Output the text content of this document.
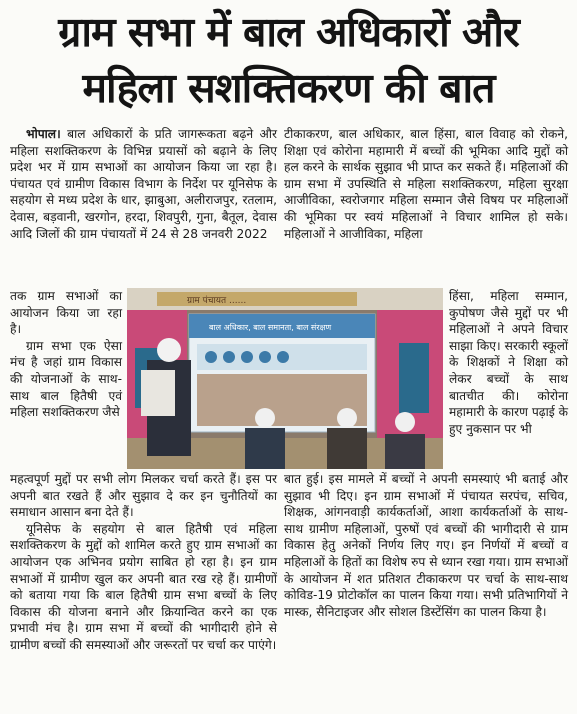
ग्राम सभा में बाल अधिकारों और
महिला सशक्तिकरण की बात

भोपाल। बाल अधिकारों के प्रति जागरूकता बढ़ने और महिला सशक्तिकरण के विभिन्न प्रयासों को बढ़ाने के लिए प्रदेश भर में ग्राम सभाओं का आयोजन किया जा रहा है। पंचायत एवं ग्रामीण विकास विभाग के निर्देश पर यूनिसेफ के सहयोग से मध्य प्रदेश के धार, झाबुआ, अलीराजपुर, रतलाम, देवास, बड़वानी, खरगोन, हरदा, शिवपुरी, गुना, बैतूल, देवास आदि जिलों की ग्राम पंचायतों में 24 से 28 जनवरी 2022

तक ग्राम सभाओं का आयोजन किया जा रहा है।

ग्राम सभा एक ऐसा मंच है जहां ग्राम विकास की योजनाओं के साथ-साथ बाल हितैषी एवं महिला सशक्तिकरण जैसे

ग्राम पंचायत ......
बाल अधिकार, बाल समानता, बाल संरक्षण

महत्वपूर्ण मुद्दों पर सभी लोग मिलकर चर्चा करते हैं। इस पर अपनी बात रखते हैं और सुझाव दे कर इन चुनौतियों का समाधान आसान बना देते हैं।

यूनिसेफ के सहयोग से बाल हितैषी एवं महिला सशक्तिकरण के मुद्दों को शामिल करते हुए ग्राम सभाओं का आयोजन एक अभिनव प्रयोग साबित हो रहा है। इन ग्राम सभाओं में ग्रामीण खुल कर अपनी बात रख रहे हैं। ग्रामीणों को बताया गया कि बाल हितैषी ग्राम सभा बच्चों के लिए विकास की योजना बनाने और क्रियान्वित करने का एक प्रभावी मंच है। ग्राम सभा में बच्चों की भागीदारी होने से ग्रामीण बच्चों की समस्याओं और जरूरतों पर चर्चा कर पाएंगे।

टीकाकरण, बाल अधिकार, बाल हिंसा, बाल विवाह को रोकने, शिक्षा एवं कोरोना महामारी में बच्चों की भूमिका आदि मुद्दों को हल करने के सार्थक सुझाव भी प्राप्त कर सकते हैं। महिलाओं की ग्राम सभा में उपस्थिति से महिला सशक्तिकरण, महिला सुरक्षा आजीविका, स्वरोजगार महिला सम्मान जैसे विषय पर महिलाओं की भूमिका पर स्वयं महिलाओं ने विचार शामिल हो सके। महिलाओं ने आजीविका, महिला

हिंसा, महिला सम्मान, कुपोषण जैसे मुद्दों पर भी महिलाओं ने अपने विचार साझा किए। सरकारी स्कूलों के शिक्षकों ने शिक्षा को लेकर बच्चों के साथ बातचीत की। कोरोना महामारी के कारण पढ़ाई के हुए नुकसान पर भी

बात हुई। इस मामले में बच्चों ने अपनी समस्याएं भी बताई और सुझाव भी दिए। इन ग्राम सभाओं में पंचायत सरपंच, सचिव, शिक्षक, आंगनवाड़ी कार्यकर्ताओं, आशा कार्यकर्ताओं के साथ-साथ ग्रामीण महिलाओं, पुरुषों एवं बच्चों की भागीदारी से ग्राम विकास हेतु अनेकों निर्णय लिए गए। इन निर्णयों में बच्चों व महिलाओं के हितों का विशेष रुप से ध्यान रखा गया। ग्राम सभाओं के आयोजन में शत प्रतिशत टीकाकरण पर चर्चा के साथ-साथ कोविड-19 प्रोटोकॉल का पालन किया गया। सभी प्रतिभागियों ने मास्क, सैनिटाइजर और सोशल डिस्टेंसिंग का पालन किया है।
